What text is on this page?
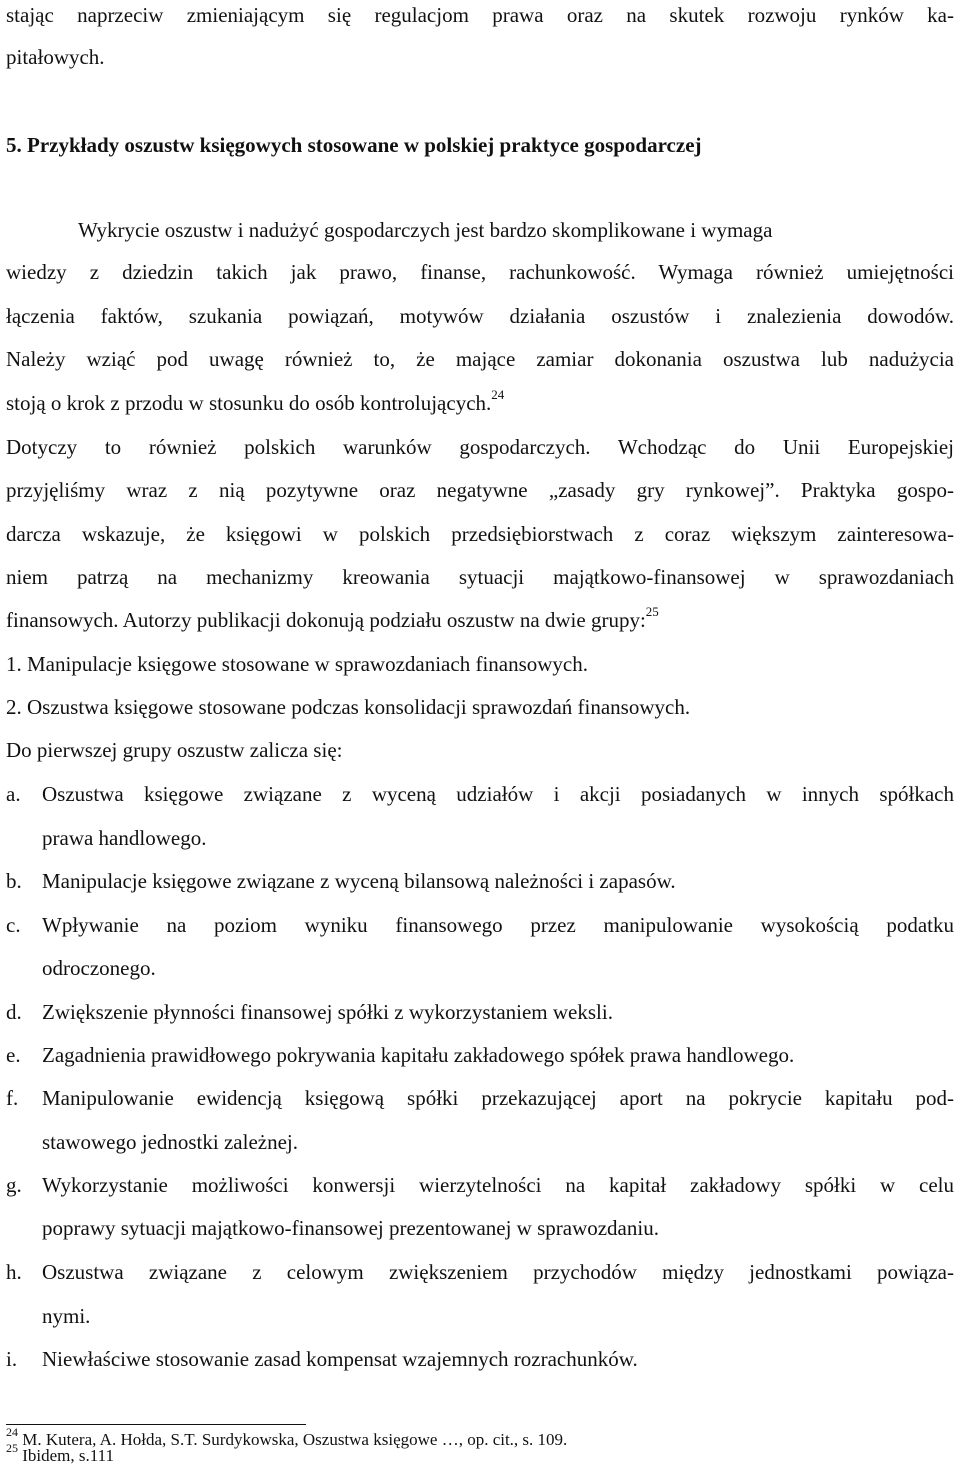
stając naprzeciw zmieniającym się regulacjom prawa oraz na skutek rozwoju rynków ka-
pitałowych.
5. Przykłady oszustw księgowych stosowane w polskiej praktyce gospodarczej
Wykrycie oszustw i nadużyć gospodarczych jest bardzo skomplikowane i wymaga
wiedzy z dziedzin takich jak prawo, finanse, rachunkowość. Wymaga również umiejętności
łączenia faktów, szukania powiązań, motywów działania oszustów i znalezienia dowodów.
Należy wziąć pod uwagę również to, że mające zamiar dokonania oszustwa lub nadużycia
stoją o krok z przodu w stosunku do osób kontrolujących.$^{24}$
Dotyczy to również polskich warunków gospodarczych. Wchodząc do Unii Europejskiej
przyjęliśmy wraz z nią pozytywne oraz negatywne „zasady gry rynkowej”. Praktyka gospo-
darcza wskazuje, że księgowi w polskich przedsiębiorstwach z coraz większym zainteresowa-
niem patrzą na mechanizmy kreowania sytuacji majątkowo-finansowej w sprawozdaniach
finansowych. Autorzy publikacji dokonują podziału oszustw na dwie grupy:$^{25}$
1. Manipulacje księgowe stosowane w sprawozdaniach finansowych.
2. Oszustwa księgowe stosowane podczas konsolidacji sprawozdań finansowych.
Do pierwszej grupy oszustw zalicza się:
a. Oszustwa księgowe związane z wyceną udziałów i akcji posiadanych w innych spółkach
prawa handlowego.
b. Manipulacje księgowe związane z wyceną bilansową należności i zapasów.
c. Wpływanie na poziom wyniku finansowego przez manipulowanie wysokością podatku
odroczonego.
d. Zwiększenie płynności finansowej spółki z wykorzystaniem weksli.
e. Zagadnienia prawidłowego pokrywania kapitału zakładowego spółek prawa handlowego.
f. Manipulowanie ewidencją księgową spółki przekazującej aport na pokrycie kapitału pod-
stawowego jednostki zależnej.
g. Wykorzystanie możliwości konwersji wierzytelności na kapitał zakładowy spółki w celu
poprawy sytuacji majątkowo-finansowej prezentowanej w sprawozdaniu.
h. Oszustwa związane z celowym zwiększeniem przychodów między jednostkami powiąza-
nymi.
i. Niewłaściwe stosowanie zasad kompensat wzajemnych rozrachunków.
$^{24}$ M. Kutera, A. Hołda, S.T. Surdykowska, Oszustwa księgowe …, op. cit., s. 109.
$^{25}$ Ibidem, s.111
